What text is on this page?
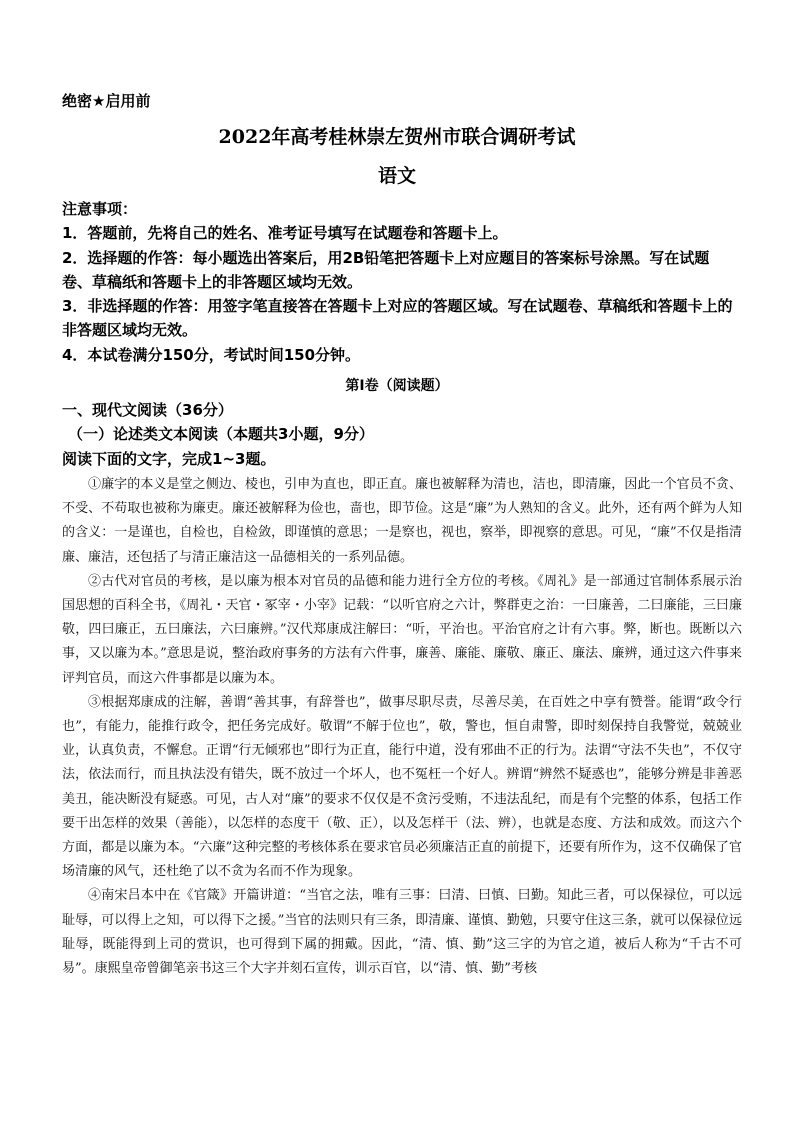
绝密★启用前
2022年高考桂林崇左贺州市联合调研考试
语文
注意事项：
1．答题前，先将自己的姓名、准考证号填写在试题卷和答题卡上。
2．选择题的作答：每小题选出答案后，用2B铅笔把答题卡上对应题目的答案标号涂黑。写在试题卷、草稿纸和答题卡上的非答题区域均无效。
3．非选择题的作答：用签字笔直接答在答题卡上对应的答题区域。写在试题卷、草稿纸和答题卡上的非答题区域均无效。
4．本试卷满分150分，考试时间150分钟。
第Ⅰ卷（阅读题）
一、现代文阅读（36分）
（一）论述类文本阅读（本题共3小题，9分）
阅读下面的文字，完成1~3题。

①廉字的本义是堂之侧边、棱也，引申为直也，即正直。廉也被解释为清也，洁也，即清廉，因此一个官员不贪、不受、不苟取也被称为廉吏。廉还被解释为俭也，啬也，即节俭。这是“廉”为人熟知的含义。此外，还有两个鲜为人知的含义：一是谨也，自检也，自检敛，即谨慎的意思；一是察也，视也，察举，即视察的意思。可见，“廉”不仅是指清廉、廉洁，还包括了与清正廉洁这一品德相关的一系列品德。

②古代对官员的考核，是以廉为根本对官员的品德和能力进行全方位的考核。《周礼》是一部通过官制体系展示治国思想的百科全书，《周礼・天官・冢宰・小宰》记载：“以听官府之六计，弊群吏之治：一曰廉善，二曰廉能，三曰廉敬，四曰廉正，五曰廉法，六曰廉辨。”汉代郑康成注解曰：“听，平治也。平治官府之计有六事。弊，断也。既断以六事，又以廉为本。”意思是说，整治政府事务的方法有六件事，廉善、廉能、廉敬、廉正、廉法、廉辨，通过这六件事来评判官员，而这六件事都是以廉为本。

③根据郑康成的注解，善谓“善其事，有辞誉也”，做事尽职尽责，尽善尽美，在百姓之中享有赞誉。能谓“政令行也”，有能力，能推行政令，把任务完成好。敬谓“不解于位也”，敬，警也，恒自肃警，即时刻保持自我警觉，兢兢业业，认真负责，不懈怠。正谓“行无倾邪也”即行为正直，能行中道，没有邪曲不正的行为。法谓“守法不失也”，不仅守法，依法而行，而且执法没有错失，既不放过一个坏人，也不冤枉一个好人。辨谓“辨然不疑惑也”，能够分辨是非善恶美丑，能决断没有疑惑。可见，古人对“廉”的要求不仅仅是不贪污受贿，不违法乱纪，而是有个完整的体系，包括工作要干出怎样的效果（善能），以怎样的态度干（敬、正），以及怎样干（法、辨），也就是态度、方法和成效。而这六个方面，都是以廉为本。“六廉”这种完整的考核体系在要求官员必须廉洁正直的前提下，还要有所作为，这不仅确保了官场清廉的风气，还杜绝了以不贪为名而不作为现象。

④南宋吕本中在《官箴》开篇讲道：“当官之法，唯有三事：曰清、曰慎、曰勤。知此三者，可以保禄位，可以远耻辱，可以得上之知，可以得下之援。”当官的法则只有三条，即清廉、谨慎、勤勉，只要守住这三条，就可以保禄位远耻辱，既能得到上司的赏识，也可得到下属的拥戴。因此，“清、慎、勤”这三字的为官之道，被后人称为“千古不可易”。康熙皇帝曾御笔亲书这三个大字并刻石宣传，训示百官，以“清、慎、勤”考核
